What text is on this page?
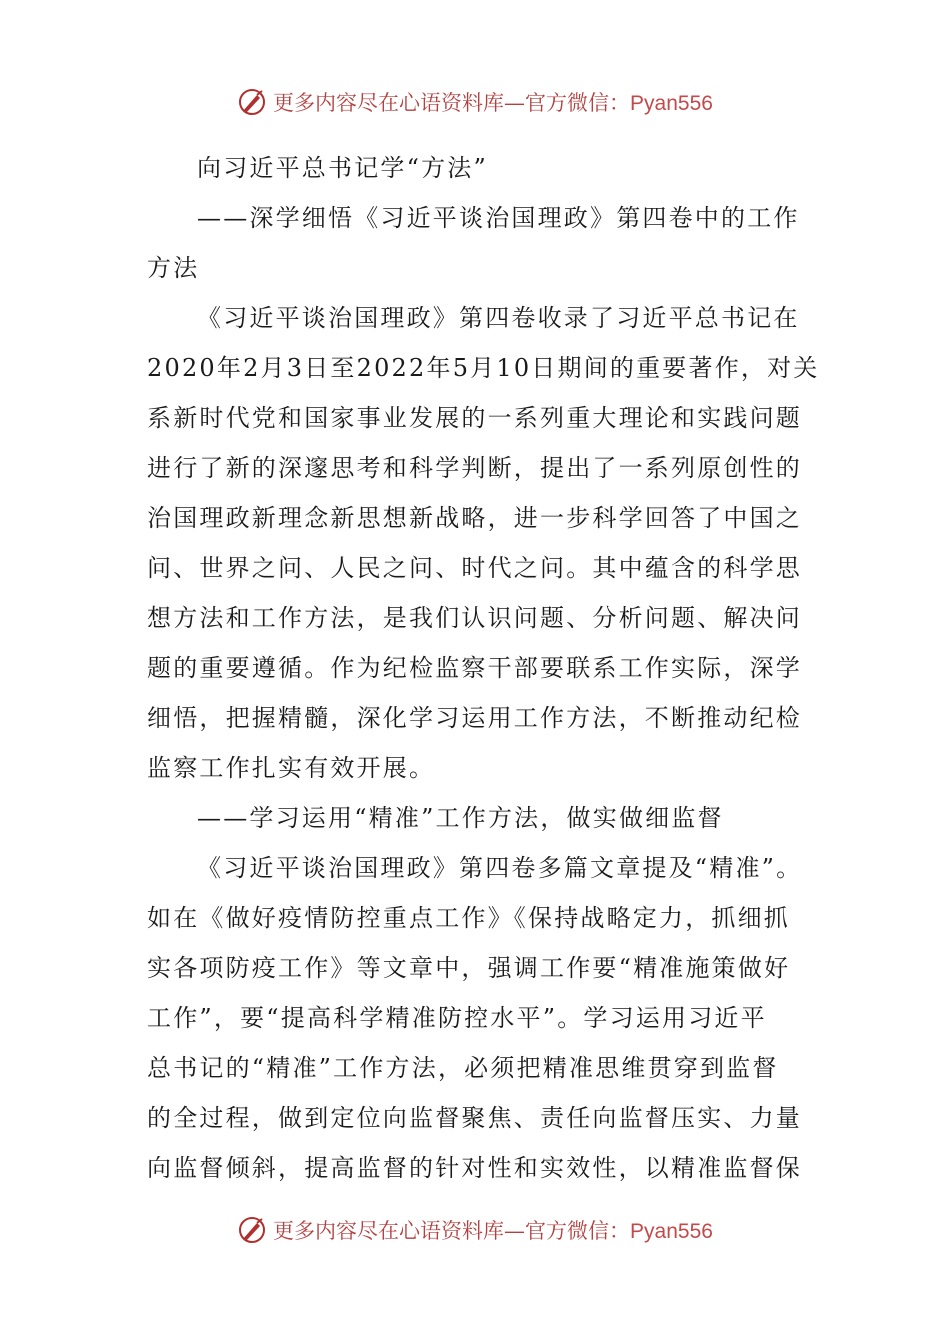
更多内容尽在心语资料库—官方微信：Pyan556
向习近平总书记学“方法”
——深学细悟《习近平谈治国理政》第四卷中的工作
方法
《习近平谈治国理政》第四卷收录了习近平总书记在
2020年2月3日至2022年5月10日期间的重要著作，对关
系新时代党和国家事业发展的一系列重大理论和实践问题
进行了新的深邃思考和科学判断，提出了一系列原创性的
治国理政新理念新思想新战略，进一步科学回答了中国之
问、世界之问、人民之问、时代之问。其中蕴含的科学思
想方法和工作方法，是我们认识问题、分析问题、解决问
题的重要遵循。作为纪检监察干部要联系工作实际，深学
细悟，把握精髓，深化学习运用工作方法，不断推动纪检
监察工作扎实有效开展。
——学习运用“精准”工作方法，做实做细监督
《习近平谈治国理政》第四卷多篇文章提及“精准”。
如在《做好疫情防控重点工作》《保持战略定力，抓细抓
实各项防疫工作》等文章中，强调工作要“精准施策做好
工作”，要“提高科学精准防控水平”。学习运用习近平
总书记的“精准”工作方法，必须把精准思维贯穿到监督
的全过程，做到定位向监督聚焦、责任向监督压实、力量
向监督倾斜，提高监督的针对性和实效性，以精准监督保
更多内容尽在心语资料库—官方微信：Pyan556
